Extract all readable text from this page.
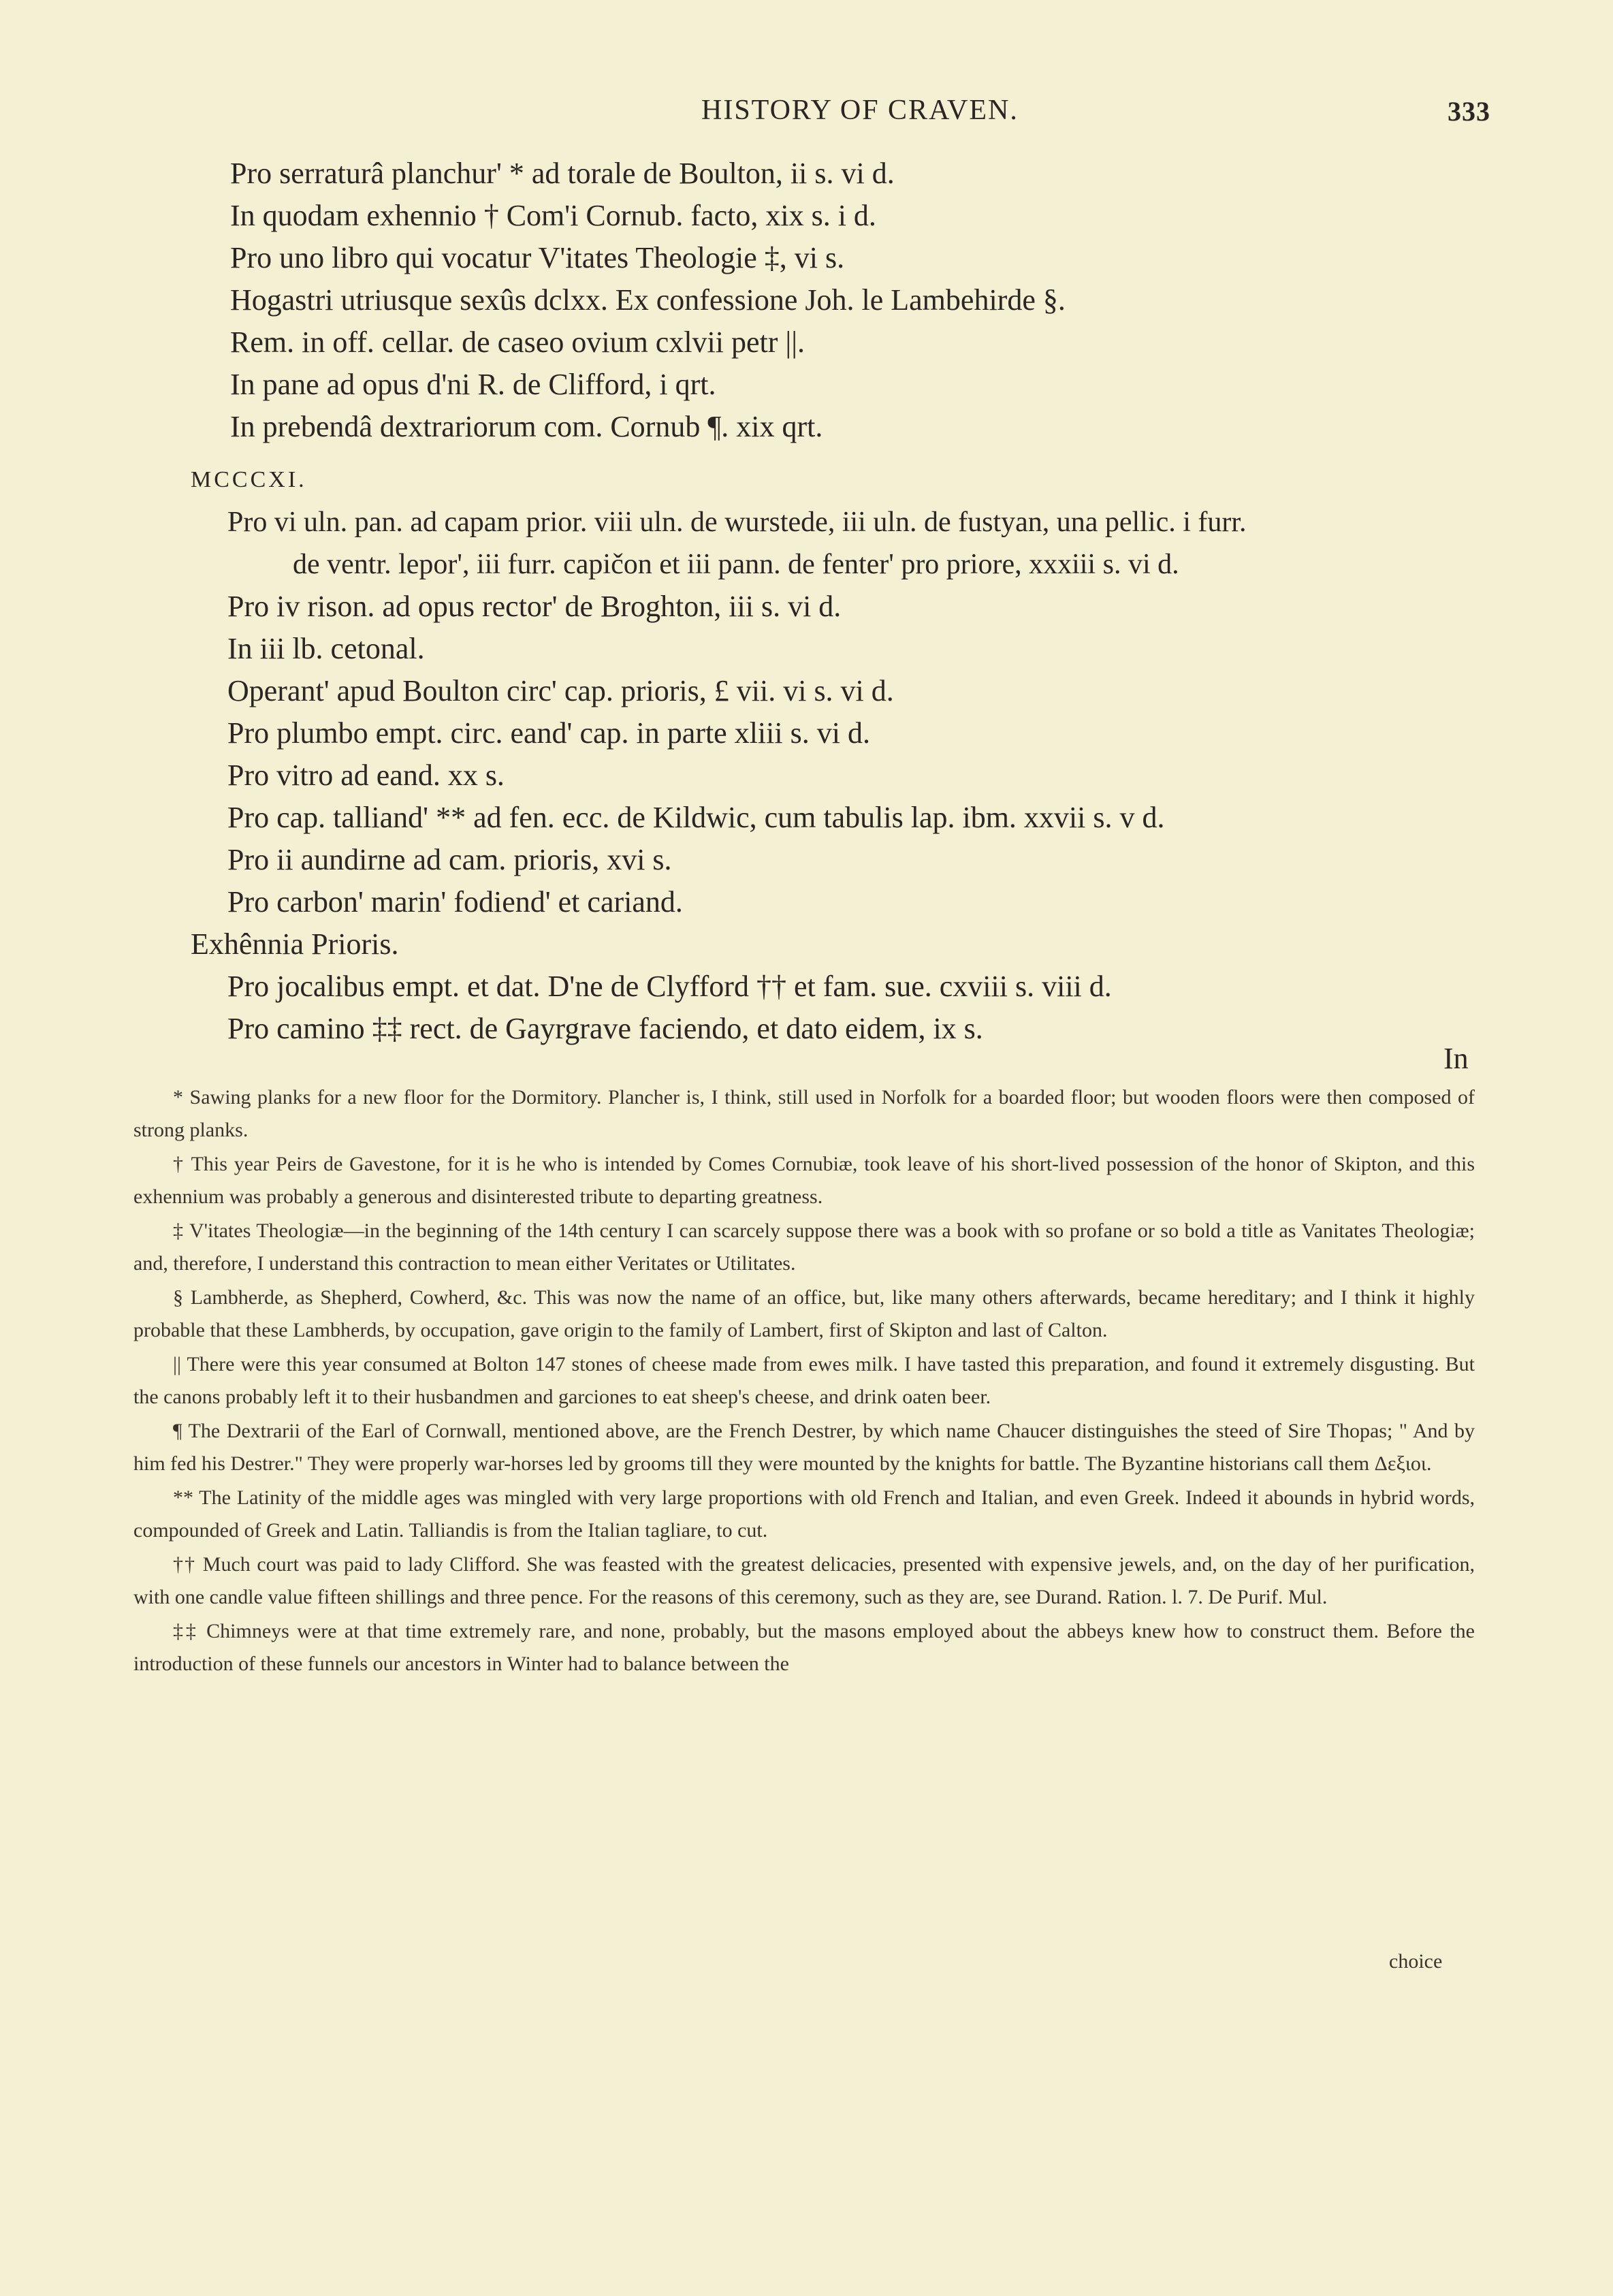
HISTORY OF CRAVEN.	333
Pro serraturâ planchur' * ad torale de Boulton, ii s. vi d.
In quodam exhennio † Com'i Cornub. facto, xix s. i d.
Pro uno libro qui vocatur V'itates Theologie ‡, vi s.
Hogastri utriusque sexûs dclxx. Ex confessione Joh. le Lambehirde §.
Rem. in off. cellar. de caseo ovium cxlvii petr ||.
In pane ad opus d'ni R. de Clifford, i qrt.
In prebendâ dextrariorum com. Cornub ¶. xix qrt.
MCCCXI.
Pro vi uln. pan. ad capam prior. viii uln. de wurstede, iii uln. de fustyan, una pellic. i furr.
de ventr. lepor', iii furr. capičon et iii pann. de fenter' pro priore, xxxiii s. vi d.
Pro iv rison. ad opus rector' de Broghton, iii s. vi d.
In iii lb. cetonal.
Operant' apud Boulton circ' cap. prioris, £ vii. vi s. vi d.
Pro plumbo empt. circ. eand' cap. in parte xliii s. vi d.
Pro vitro ad eand. xx s.
Pro cap. talliand' ** ad fen. ecc. de Kildwic, cum tabulis lap. ibm. xxvii s. v d.
Pro ii aundirne ad cam. prioris, xvi s.
Pro carbon' marin' fodiend' et cariand.
Exhênnia Prioris.
Pro jocalibus empt. et dat. D'ne de Clyfford †† et fam. sue. cxviii s. viii d.
Pro camino ‡‡ rect. de Gayrgrave faciendo, et dato eidem, ix s.
In

* Sawing planks for a new floor for the Dormitory. Plancher is, I think, still used in Norfolk for a boarded floor; but wooden floors were then composed of strong planks.

† This year Peirs de Gavestone, for it is he who is intended by Comes Cornubiæ, took leave of his short-lived possession of the honor of Skipton, and this exhennium was probably a generous and disinterested tribute to departing greatness.

‡ V'itates Theologiæ—in the beginning of the 14th century I can scarcely suppose there was a book with so profane or so bold a title as Vanitates Theologiæ; and, therefore, I understand this contraction to mean either Veritates or Utilitates.

§ Lambherde, as Shepherd, Cowherd, &c. This was now the name of an office, but, like many others afterwards, became hereditary; and I think it highly probable that these Lambherds, by occupation, gave origin to the family of Lambert, first of Skipton and last of Calton.

|| There were this year consumed at Bolton 147 stones of cheese made from ewes milk. I have tasted this preparation, and found it extremely disgusting. But the canons probably left it to their husbandmen and garciones to eat sheep's cheese, and drink oaten beer.

¶ The Dextrarii of the Earl of Cornwall, mentioned above, are the French Destrer, by which name Chaucer distinguishes the steed of Sire Thopas; " And by him fed his Destrer." They were properly war-horses led by grooms till they were mounted by the knights for battle. The Byzantine historians call them Δεξιοι.

** The Latinity of the middle ages was mingled with very large proportions with old French and Italian, and even Greek. Indeed it abounds in hybrid words, compounded of Greek and Latin. Talliandis is from the Italian tagliare, to cut.

†† Much court was paid to lady Clifford. She was feasted with the greatest delicacies, presented with expensive jewels, and, on the day of her purification, with one candle value fifteen shillings and three pence. For the reasons of this ceremony, such as they are, see Durand. Ration. l. 7. De Purif. Mul.

‡‡ Chimneys were at that time extremely rare, and none, probably, but the masons employed about the abbeys knew how to construct them. Before the introduction of these funnels our ancestors in Winter had to balance between the

choice
